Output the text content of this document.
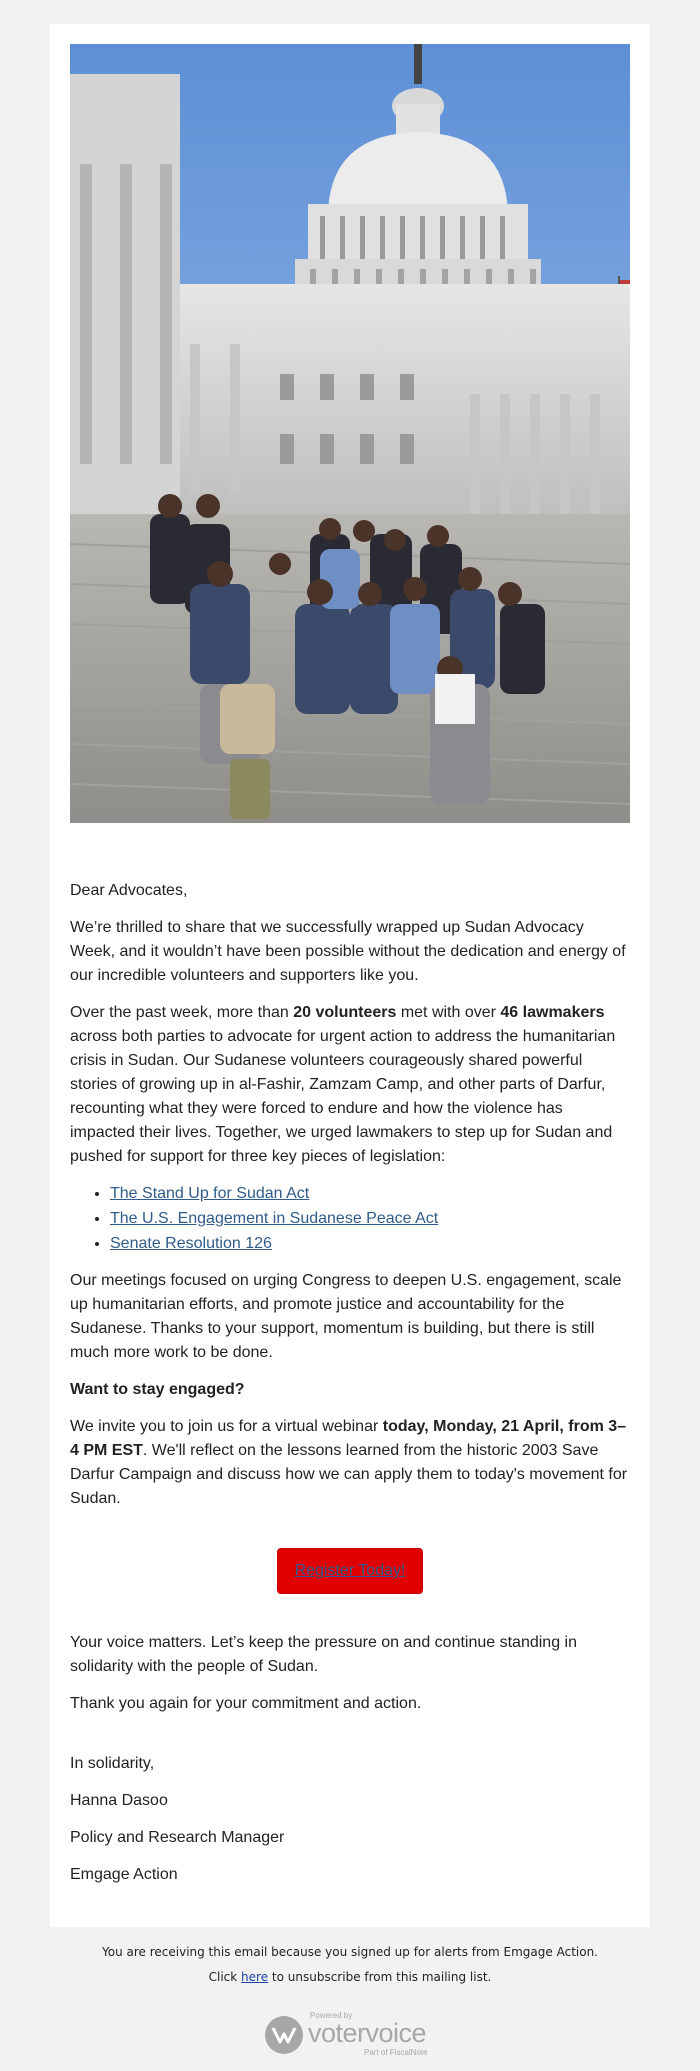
Dear Advocates,

We’re thrilled to share that we successfully wrapped up Sudan Advocacy Week, and it wouldn’t have been possible without the dedication and energy of our incredible volunteers and supporters like you.

Over the past week, more than 20 volunteers met with over 46 lawmakers across both parties to advocate for urgent action to address the humanitarian crisis in Sudan. Our Sudanese volunteers courageously shared powerful stories of growing up in al-Fashir, Zamzam Camp, and other parts of Darfur, recounting what they were forced to endure and how the violence has impacted their lives. Together, we urged lawmakers to step up for Sudan and pushed for support for three key pieces of legislation:

• The Stand Up for Sudan Act
• The U.S. Engagement in Sudanese Peace Act
• Senate Resolution 126

Our meetings focused on urging Congress to deepen U.S. engagement, scale up humanitarian efforts, and promote justice and accountability for the Sudanese. Thanks to your support, momentum is building, but there is still much more work to be done.

Want to stay engaged?

We invite you to join us for a virtual webinar today, Monday, 21 April, from 3–4 PM EST. We'll reflect on the lessons learned from the historic 2003 Save Darfur Campaign and discuss how we can apply them to today's movement for Sudan.

Register Today!

Your voice matters. Let’s keep the pressure on and continue standing in solidarity with the people of Sudan.

Thank you again for your commitment and action.

In solidarity,

Hanna Dasoo

Policy and Research Manager

Emgage Action

You are receiving this email because you signed up for alerts from Emgage Action.
Click here to unsubscribe from this mailing list.
Powered by
votervoice
Part of FiscalNote
